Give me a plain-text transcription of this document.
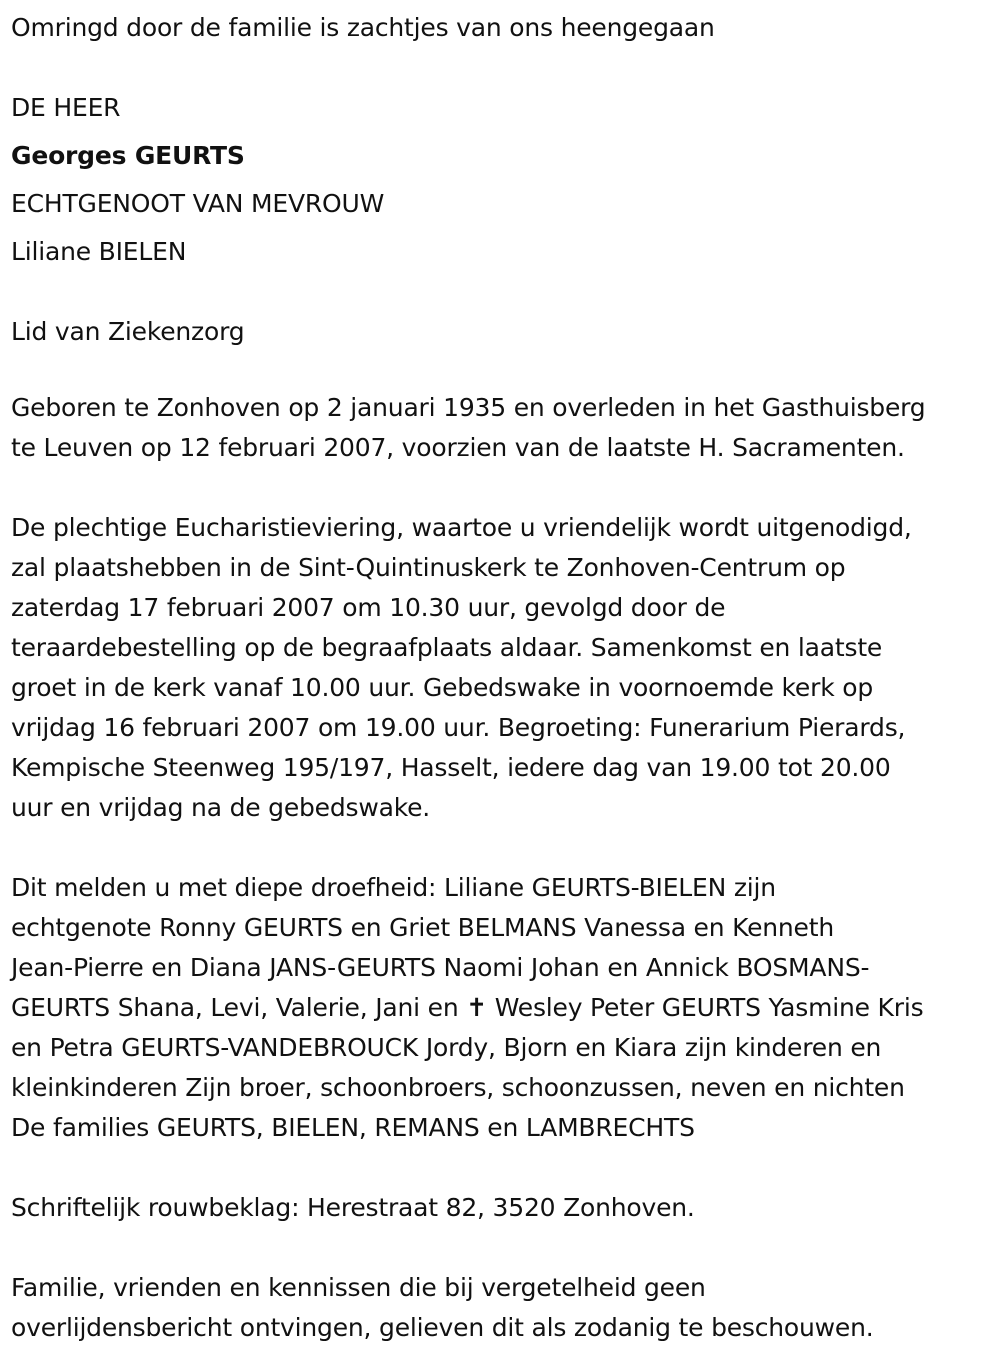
Omringd door de familie is zachtjes van ons heengegaan
DE HEER
Georges GEURTS
ECHTGENOOT VAN MEVROUW
Liliane BIELEN
Lid van Ziekenzorg
Geboren te Zonhoven op 2 januari 1935 en overleden in het Gasthuisberg
te Leuven op 12 februari 2007, voorzien van de laatste H. Sacramenten.
De plechtige Eucharistieviering, waartoe u vriendelijk wordt uitgenodigd,
zal plaatshebben in de Sint-Quintinuskerk te Zonhoven-Centrum op
zaterdag 17 februari 2007 om 10.30 uur, gevolgd door de
teraardebestelling op de begraafplaats aldaar. Samenkomst en laatste
groet in de kerk vanaf 10.00 uur. Gebedswake in voornoemde kerk op
vrijdag 16 februari 2007 om 19.00 uur. Begroeting: Funerarium Pierards,
Kempische Steenweg 195/197, Hasselt, iedere dag van 19.00 tot 20.00
uur en vrijdag na de gebedswake.
Dit melden u met diepe droefheid: Liliane GEURTS-BIELEN zijn
echtgenote Ronny GEURTS en Griet BELMANS Vanessa en Kenneth
Jean-Pierre en Diana JANS-GEURTS Naomi Johan en Annick BOSMANS-
GEURTS Shana, Levi, Valerie, Jani en ✝ Wesley Peter GEURTS Yasmine Kris
en Petra GEURTS-VANDEBROUCK Jordy, Bjorn en Kiara zijn kinderen en
kleinkinderen Zijn broer, schoonbroers, schoonzussen, neven en nichten
De families GEURTS, BIELEN, REMANS en LAMBRECHTS
Schriftelijk rouwbeklag: Herestraat 82, 3520 Zonhoven.
Familie, vrienden en kennissen die bij vergetelheid geen
overlijdensbericht ontvingen, gelieven dit als zodanig te beschouwen.
